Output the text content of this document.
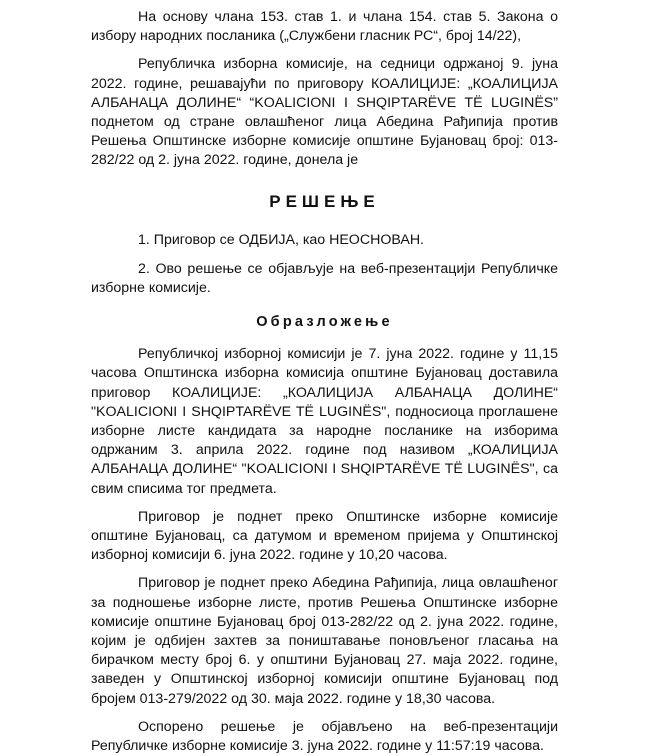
На основу члана 153. став 1. и члана 154. став 5. Закона о избору народних посланика („Службени гласник РС“, број 14/22),

Републичка изборна комисије, на седници одржаној 9. јуна 2022. године, решавајући по приговору КОАЛИЦИЈЕ: „КОАЛИЦИЈА АЛБАНАЦА ДОЛИНЕ“ “KOALICIONI I SHQIPTARËVE TË LUGINËS” поднетом од стране овлашћеног лица Абедина Рађипија против Решења Општинске изборне комисије општине Бујановац број: 013-282/22 од 2. јуна 2022. године, донела је

РЕШЕЊЕ

1. Приговор се ОДБИЈА, као НЕОСНОВАН.

2. Ово решење се објављује на веб-презентацији Републичке изборне комисије.

Образложење

Републичкој изборној комисији је 7. јуна 2022. године у 11,15 часова Општинска изборна комисија општине Бујановац доставила приговор КОАЛИЦИЈЕ: „КОАЛИЦИЈА АЛБАНАЦА ДОЛИНЕ“ "KOALICIONI I SHQIPTARËVE TË LUGINËS", подносиоца проглашене изборне листе кандидата за народне посланике на изборима одржаним 3. априла 2022. године под називом „КОАЛИЦИЈА АЛБАНАЦА ДОЛИНЕ“ "KOALICIONI I SHQIPTARËVE TË LUGINËS", са свим списима тог предмета.

Приговор је поднет преко Општинске изборне комисије општине Бујановац, са датумом и временом пријема у Општинској изборној комисији 6. јуна 2022. године у 10,20 часова.

Приговор је поднет преко Абедина Рађипија, лица овлашћеног за подношење изборне листе, против Решења Општинске изборне комисије општине Бујановац број 013-282/22 од 2. јуна 2022. године, којим је одбијен захтев за поништавање поновљеног гласања на бирачком месту број 6. у општини Бујановац 27. маја 2022. године, заведен у Општинској изборној комисији општине Бујановац под бројем 013-279/2022 од 30. маја 2022. године у 18,30 часова.

Оспорено решење је објављено на веб-презентацији Републичке изборне комисије 3. јуна 2022. године у 11:57:19 часова.
